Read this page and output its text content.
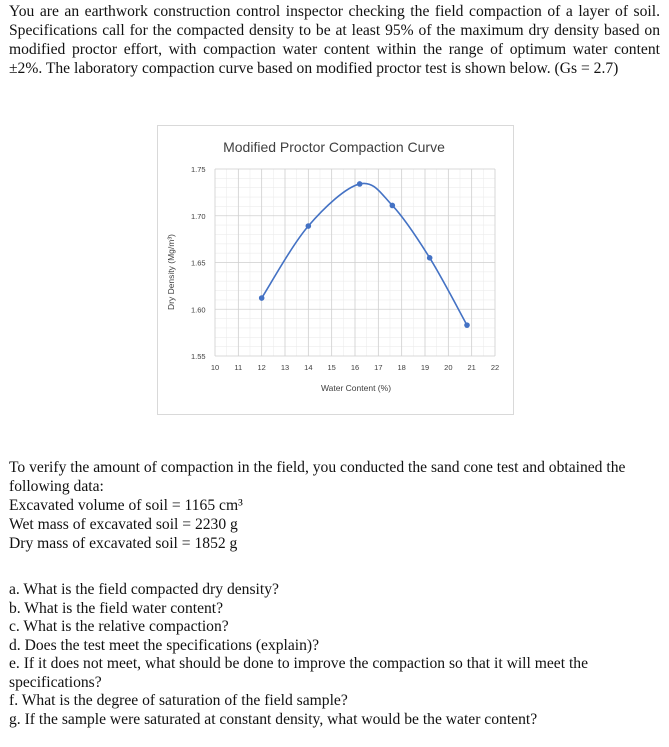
You are an earthwork construction control inspector checking the field compaction of a layer of soil. Specifications call for the compacted density to be at least 95% of the maximum dry density based on modified proctor effort, with compaction water content within the range of optimum water content ±2%. The laboratory compaction curve based on modified proctor test is shown below. (Gs = 2.7)

Modified Proctor Compaction Curve
10 11 12 13 14 15 16 17 18 19 20 21 22
1.55
1.60
1.65
1.70
1.75
Water Content (%)
Dry Density (Mg/m³)

To verify the amount of compaction in the field, you conducted the sand cone test and obtained the following data:

Excavated volume of soil = 1165 cm³

Wet mass of excavated soil = 2230 g

Dry mass of excavated soil = 1852 g

a. What is the field compacted dry density?

b. What is the field water content?

c. What is the relative compaction?

d. Does the test meet the specifications (explain)?

e. If it does not meet, what should be done to improve the compaction so that it will meet the specifications?

f. What is the degree of saturation of the field sample?

g. If the sample were saturated at constant density, what would be the water content?
